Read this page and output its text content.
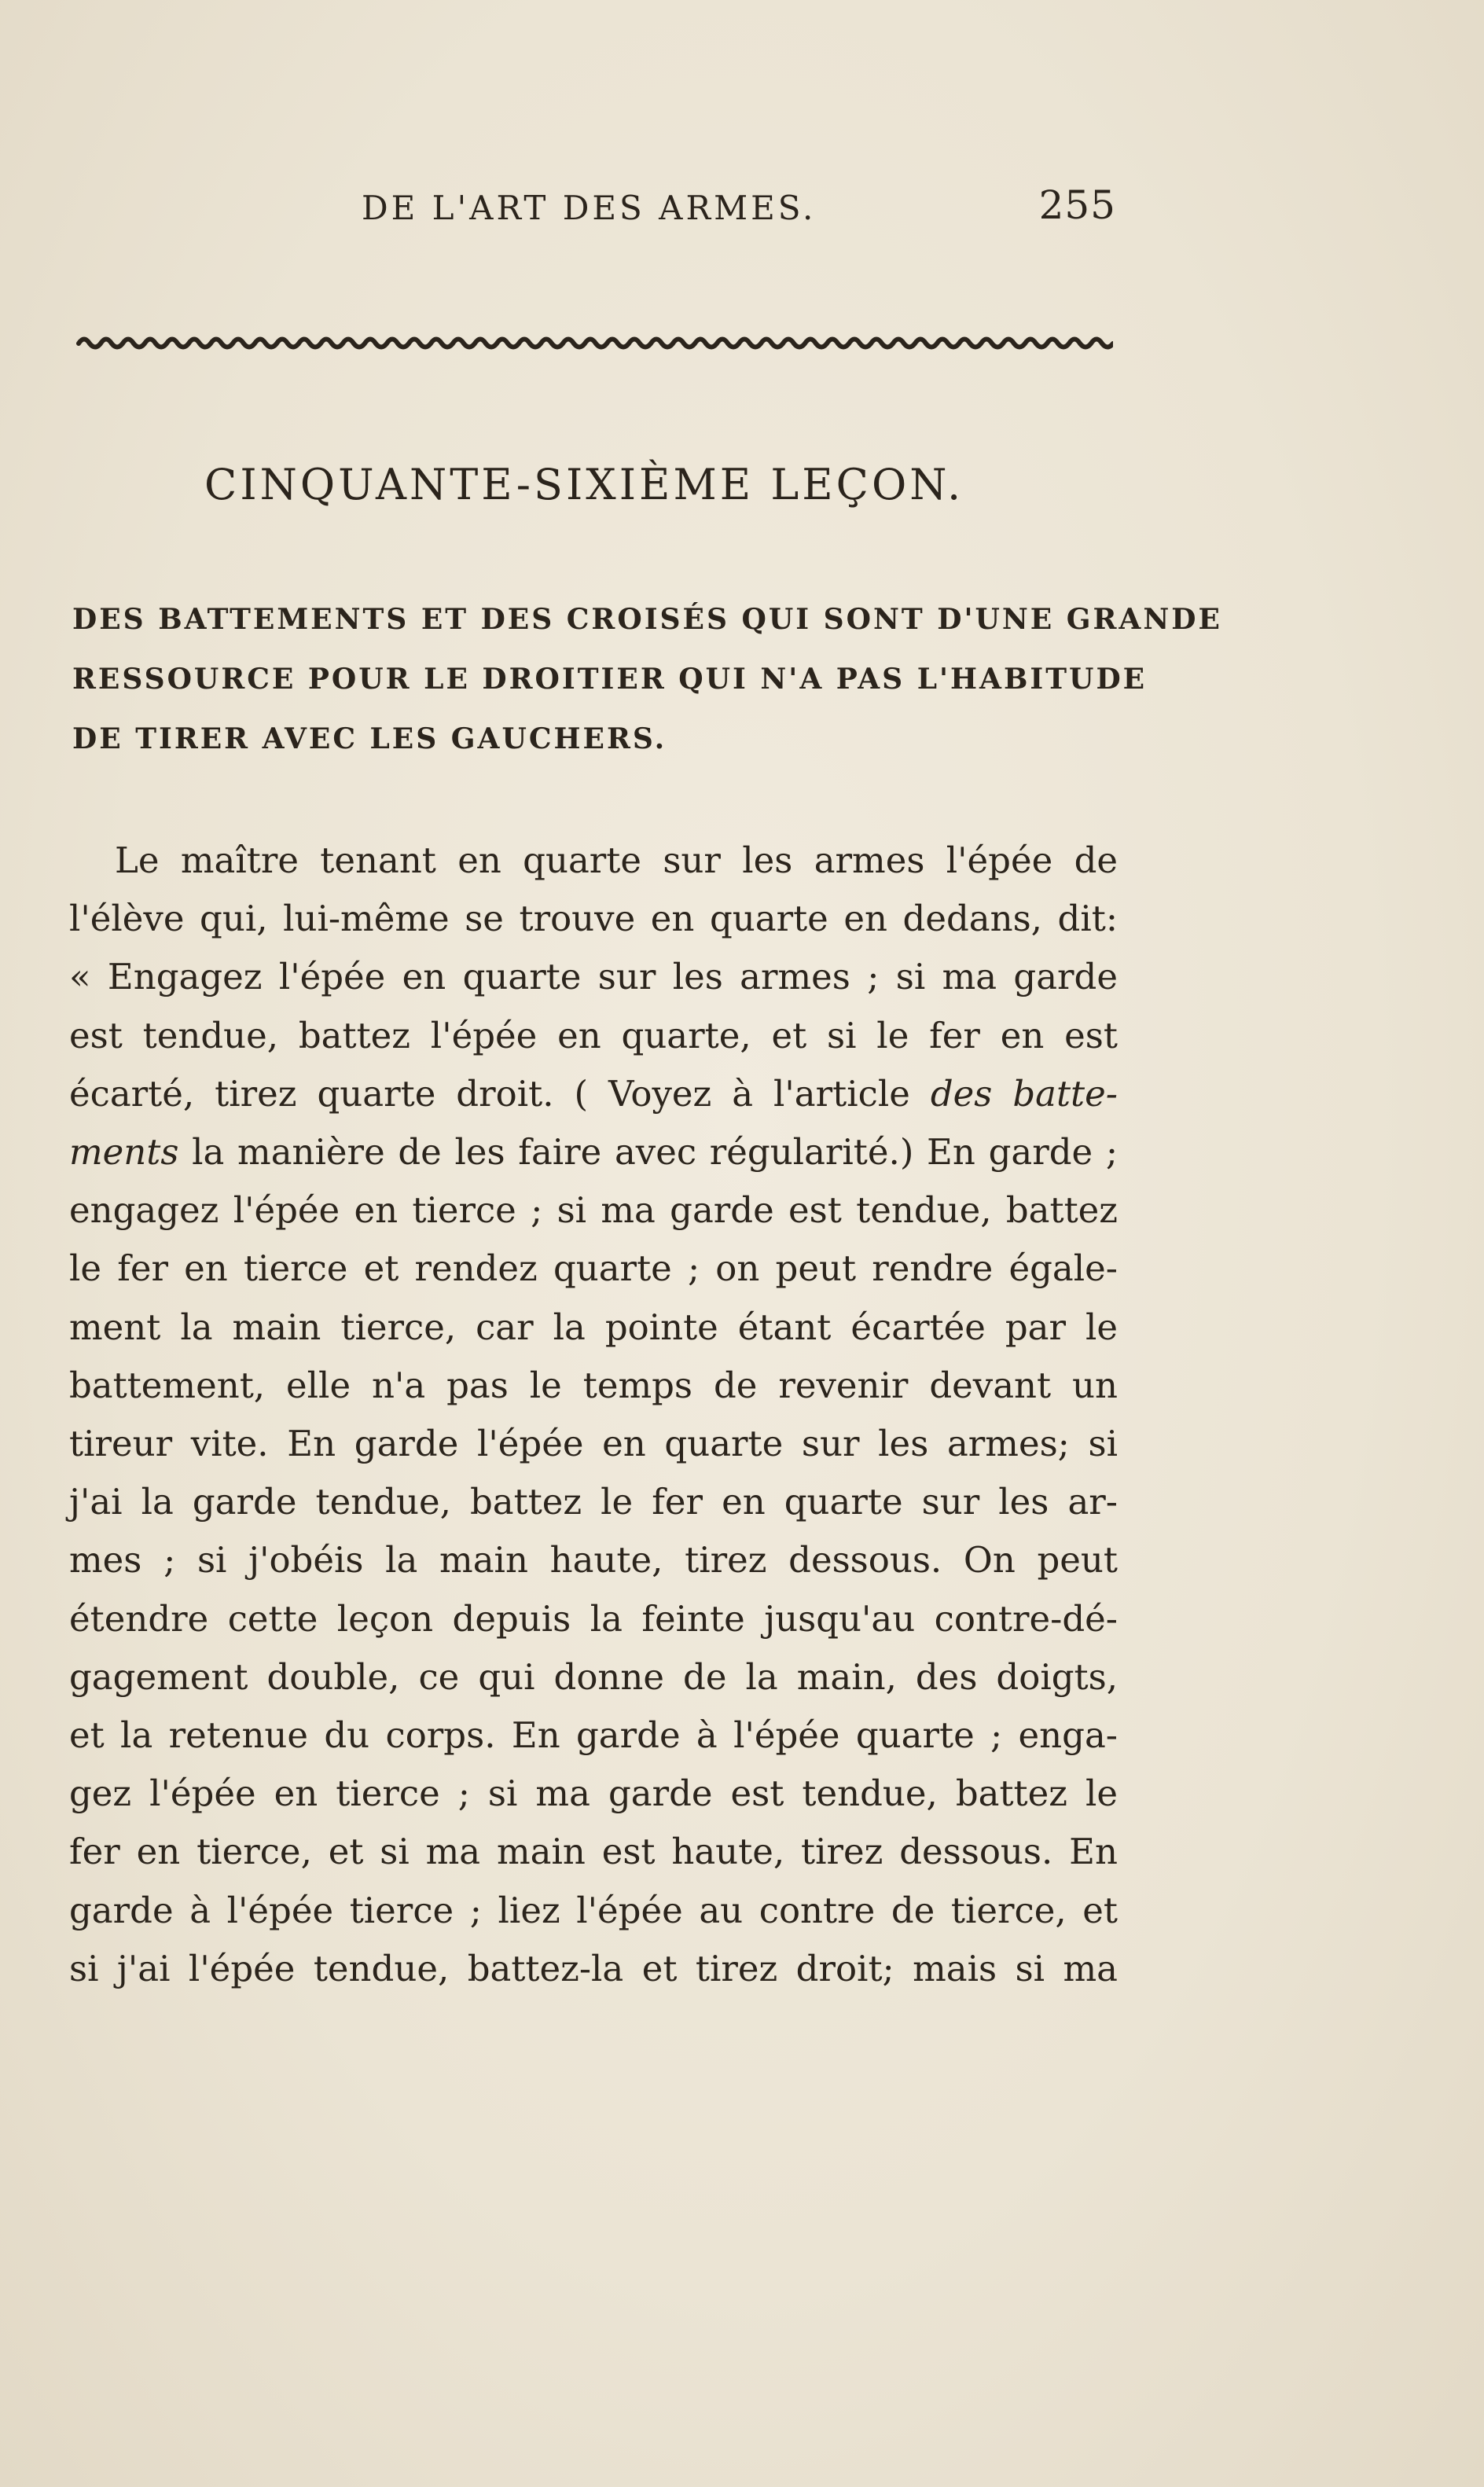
DE L'ART DES ARMES.	255
CINQUANTE-SIXIÈME LEÇON.
DES BATTEMENTS ET DES CROISÉS QUI SONT D'UNE GRANDE
RESSOURCE POUR LE DROITIER QUI N'A PAS L'HABITUDE
DE TIRER AVEC LES GAUCHERS.
Le maître tenant en quarte sur les armes l'épée de
l'élève qui, lui-même se trouve en quarte en dedans, dit:
« Engagez l'épée en quarte sur les armes ; si ma garde
est tendue, battez l'épée en quarte, et si le fer en est
écarté, tirez quarte droit. ( Voyez à l'article des batte-
ments la manière de les faire avec régularité.) En garde ;
engagez l'épée en tierce ; si ma garde est tendue, battez
le fer en tierce et rendez quarte ; on peut rendre égale-
ment la main tierce, car la pointe étant écartée par le
battement, elle n'a pas le temps de revenir devant un
tireur vite. En garde l'épée en quarte sur les armes; si
j'ai la garde tendue, battez le fer en quarte sur les ar-
mes ; si j'obéis la main haute, tirez dessous. On peut
étendre cette leçon depuis la feinte jusqu'au contre-dé-
gagement double, ce qui donne de la main, des doigts,
et la retenue du corps. En garde à l'épée quarte ; enga-
gez l'épée en tierce ; si ma garde est tendue, battez le
fer en tierce, et si ma main est haute, tirez dessous. En
garde à l'épée tierce ; liez l'épée au contre de tierce, et
si j'ai l'épée tendue, battez-la et tirez droit; mais si ma
